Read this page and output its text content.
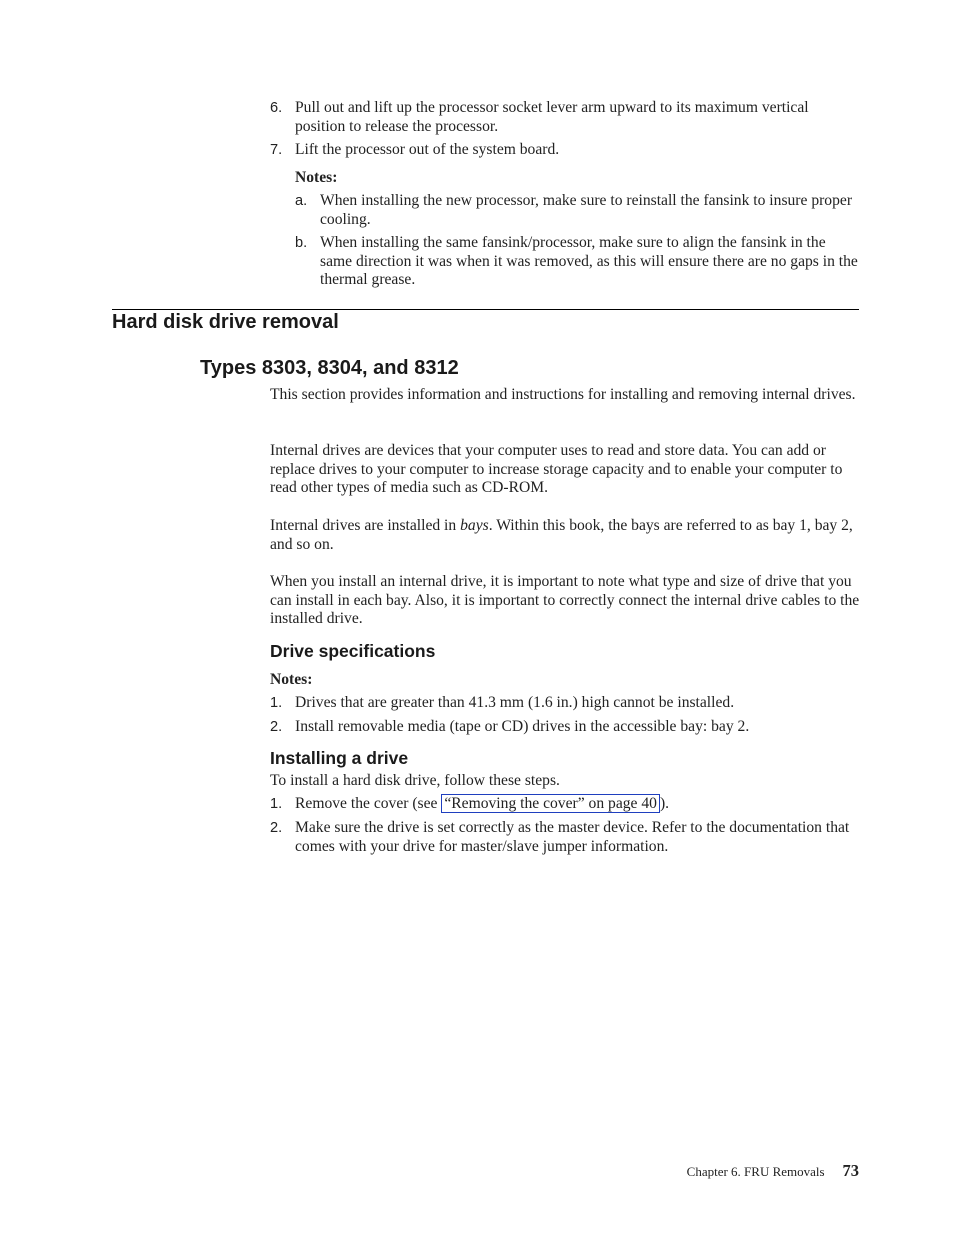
6. Pull out and lift up the processor socket lever arm upward to its maximum vertical position to release the processor.
7. Lift the processor out of the system board.
Notes:
a. When installing the new processor, make sure to reinstall the fansink to insure proper cooling.
b. When installing the same fansink/processor, make sure to align the fansink in the same direction it was when it was removed, as this will ensure there are no gaps in the thermal grease.
Hard disk drive removal
Types 8303, 8304, and 8312
This section provides information and instructions for installing and removing internal drives.
Internal drives are devices that your computer uses to read and store data. You can add or replace drives to your computer to increase storage capacity and to enable your computer to read other types of media such as CD-ROM.
Internal drives are installed in bays. Within this book, the bays are referred to as bay 1, bay 2, and so on.
When you install an internal drive, it is important to note what type and size of drive that you can install in each bay. Also, it is important to correctly connect the internal drive cables to the installed drive.
Drive specifications
Notes:
1. Drives that are greater than 41.3 mm (1.6 in.) high cannot be installed.
2. Install removable media (tape or CD) drives in the accessible bay: bay 2.
Installing a drive
To install a hard disk drive, follow these steps.
1. Remove the cover (see “Removing the cover” on page 40 ).
2. Make sure the drive is set correctly as the master device. Refer to the documentation that comes with your drive for master/slave jumper information.
Chapter 6. FRU Removals 73
